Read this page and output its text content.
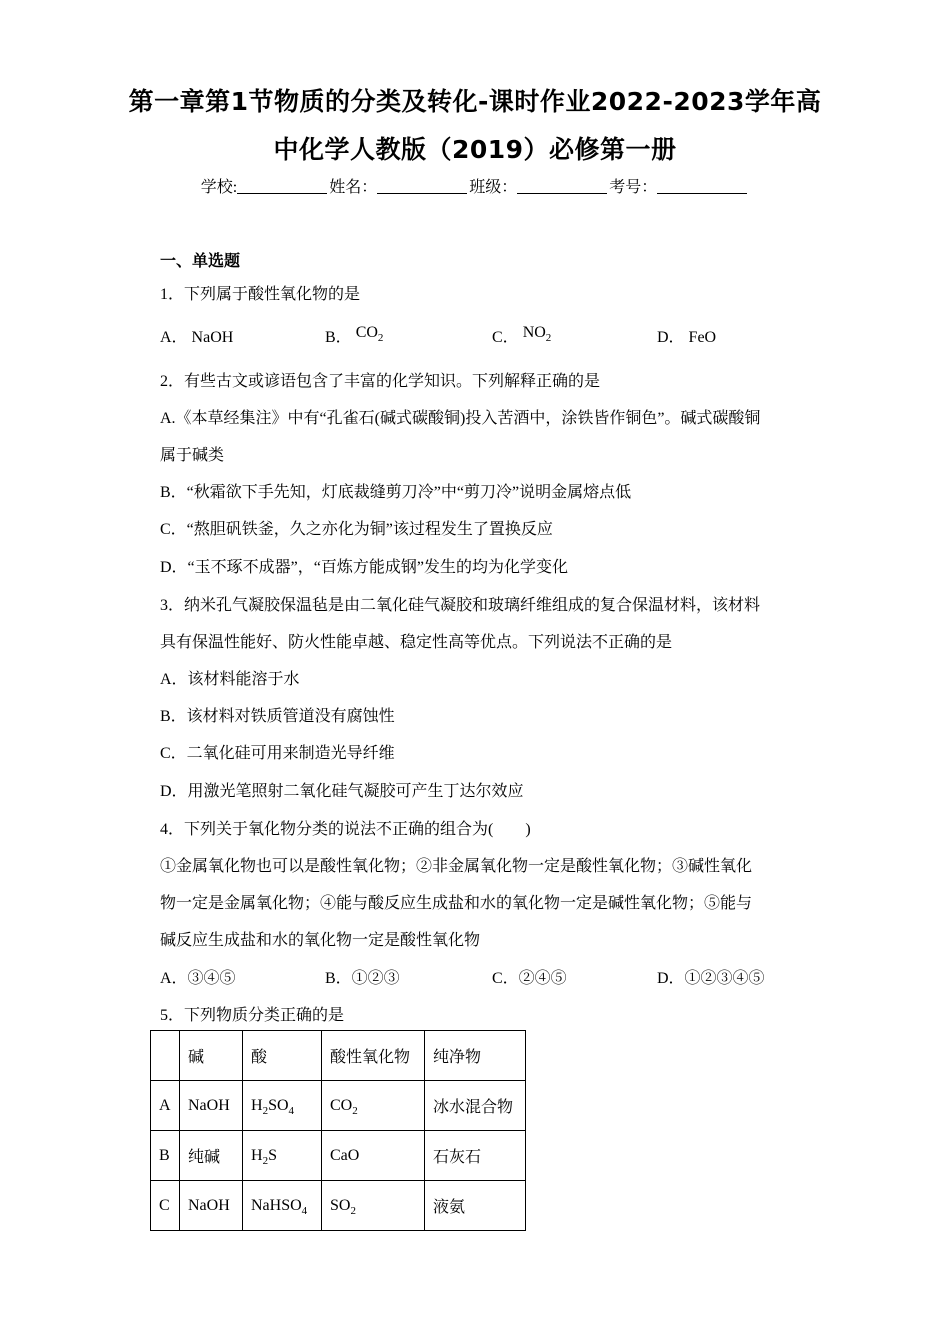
第一章第1节物质的分类及转化-课时作业2022-2023学年高
中化学人教版（2019）必修第一册
学校:	姓名：	班级：	考号：
一、单选题
1．下列属于酸性氧化物的是
A． NaOH	B． $CO_2$	C． $NO_2$	D． FeO
2．有些古文或谚语包含了丰富的化学知识。下列解释正确的是
A.《本草经集注》中有“孔雀石(碱式碳酸铜)投入苦酒中，涂铁皆作铜色”。碱式碳酸铜
属于碱类
B．“秋霜欲下手先知，灯底裁缝剪刀冷”中“剪刀冷”说明金属熔点低
C．“熬胆矾铁釜，久之亦化为铜”该过程发生了置换反应
D．“玉不琢不成器”，“百炼方能成钢”发生的均为化学变化
3．纳米孔气凝胶保温毡是由二氧化硅气凝胶和玻璃纤维组成的复合保温材料，该材料
具有保温性能好、防火性能卓越、稳定性高等优点。下列说法不正确的是
A．该材料能溶于水
B．该材料对铁质管道没有腐蚀性
C．二氧化硅可用来制造光导纤维
D．用激光笔照射二氧化硅气凝胶可产生丁达尔效应
4．下列关于氧化物分类的说法不正确的组合为(　　)
①金属氧化物也可以是酸性氧化物；②非金属氧化物一定是酸性氧化物；③碱性氧化
物一定是金属氧化物；④能与酸反应生成盐和水的氧化物一定是碱性氧化物；⑤能与
碱反应生成盐和水的氧化物一定是酸性氧化物
A．③④⑤	B．①②③	C．②④⑤	D．①②③④⑤
5．下列物质分类正确的是
	碱	酸	酸性氧化物	纯净物
A	NaOH	$H_2SO_4$	$CO_2$	冰水混合物
B	纯碱	$H_2S$	CaO	石灰石
C	NaOH	NaHSO$_4$	$SO_2$	液氨
